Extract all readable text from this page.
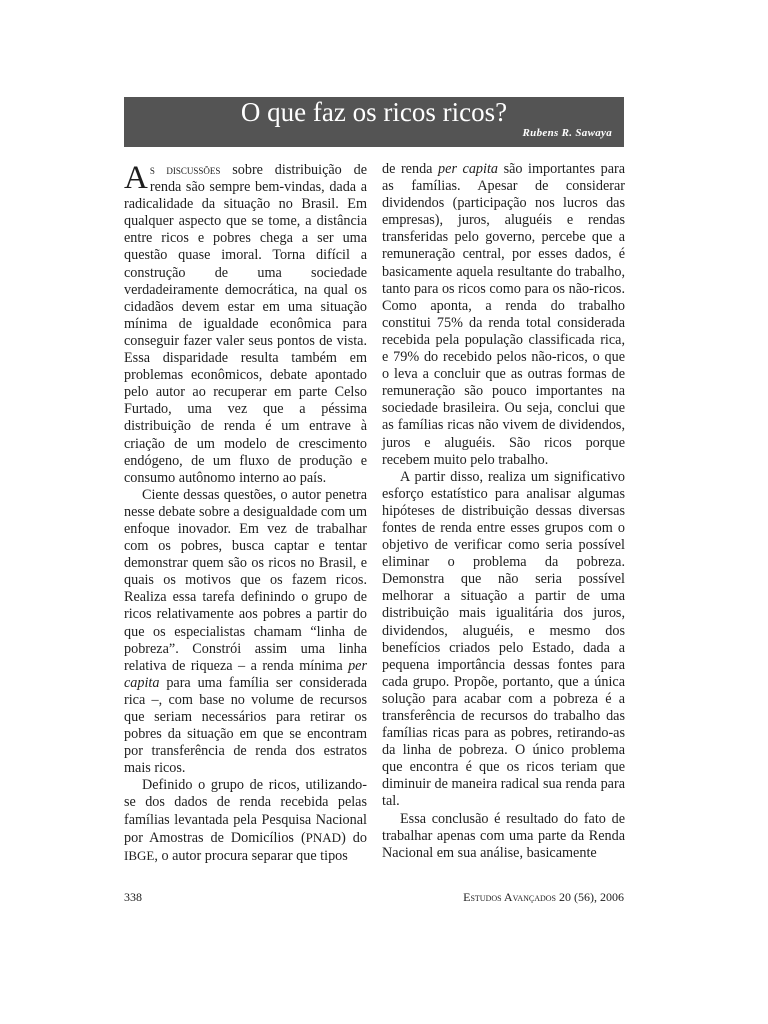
O que faz os ricos ricos?
Rubens R. Sawaya

As discussões sobre distribuição de renda são sempre bem-vindas, dada a radicalidade da situação no Brasil. Em qualquer aspecto que se tome, a distância entre ricos e pobres chega a ser uma questão quase imoral. Torna difícil a construção de uma sociedade verdadeiramente democrática, na qual os cidadãos devem estar em uma situação mínima de igualdade econômica para conseguir fazer valer seus pontos de vista. Essa disparidade resulta também em problemas econômicos, debate apontado pelo autor ao recuperar em parte Celso Furtado, uma vez que a péssima distribuição de renda é um entrave à criação de um modelo de crescimento endógeno, de um fluxo de produção e consumo autônomo interno ao país.

Ciente dessas questões, o autor penetra nesse debate sobre a desigualdade com um enfoque inovador. Em vez de trabalhar com os pobres, busca captar e tentar demonstrar quem são os ricos no Brasil, e quais os motivos que os fazem ricos. Realiza essa tarefa definindo o grupo de ricos relativamente aos pobres a partir do que os especialistas chamam “linha de pobreza”. Constrói assim uma linha relativa de riqueza – a renda mínima per capita para uma família ser considerada rica –, com base no volume de recursos que seriam necessários para retirar os pobres da situação em que se encontram por transferência de renda dos estratos mais ricos.

Definido o grupo de ricos, utilizando-se dos dados de renda recebida pelas famílias levantada pela Pesquisa Nacional por Amostras de Domicílios (PNAD) do IBGE, o autor procura separar que tipos

de renda per capita são importantes para as famílias. Apesar de considerar dividendos (participação nos lucros das empresas), juros, aluguéis e rendas transferidas pelo governo, percebe que a remuneração central, por esses dados, é basicamente aquela resultante do trabalho, tanto para os ricos como para os não-ricos. Como aponta, a renda do trabalho constitui 75% da renda total considerada recebida pela população classificada rica, e 79% do recebido pelos não-ricos, o que o leva a concluir que as outras formas de remuneração são pouco importantes na sociedade brasileira. Ou seja, conclui que as famílias ricas não vivem de dividendos, juros e aluguéis. São ricos porque recebem muito pelo trabalho.

A partir disso, realiza um significativo esforço estatístico para analisar algumas hipóteses de distribuição dessas diversas fontes de renda entre esses grupos com o objetivo de verificar como seria possível eliminar o problema da pobreza. Demonstra que não seria possível melhorar a situação a partir de uma distribuição mais igualitária dos juros, dividendos, aluguéis, e mesmo dos benefícios criados pelo Estado, dada a pequena importância dessas fontes para cada grupo. Propõe, portanto, que a única solução para acabar com a pobreza é a transferência de recursos do trabalho das famílias ricas para as pobres, retirando-as da linha de pobreza. O único problema que encontra é que os ricos teriam que diminuir de maneira radical sua renda para tal.

Essa conclusão é resultado do fato de trabalhar apenas com uma parte da Renda Nacional em sua análise, basicamente

338	Estudos Avançados 20 (56), 2006
